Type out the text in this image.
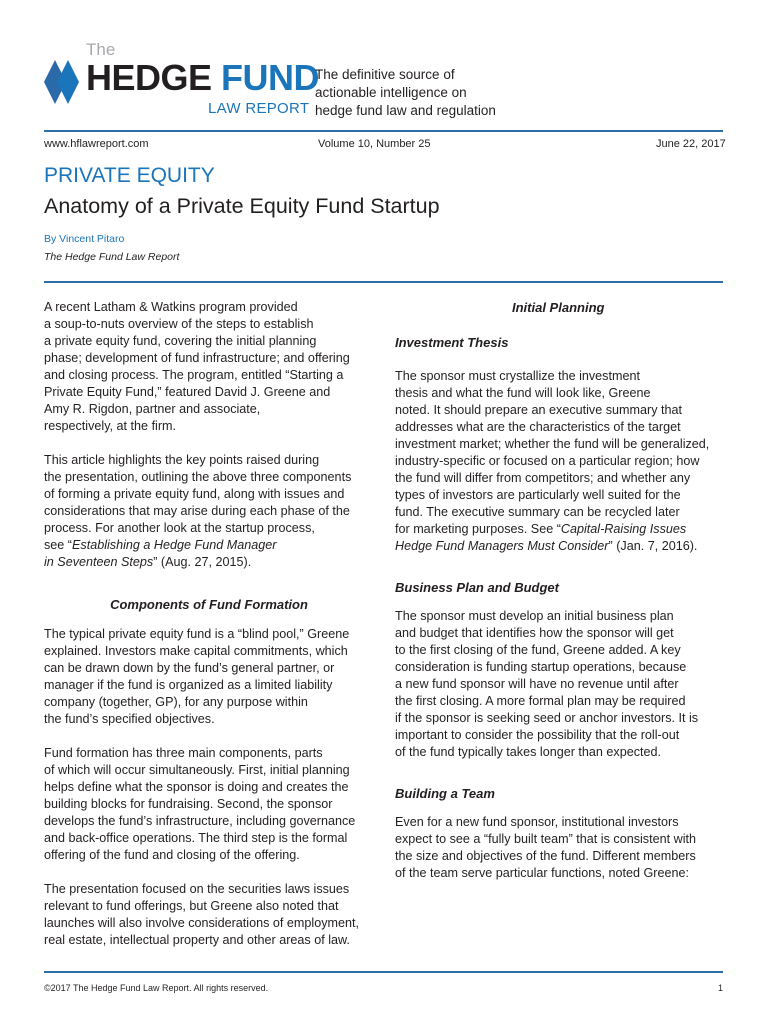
The
HEDGE FUND
LAW REPORT
The definitive source of
actionable intelligence on
hedge fund law and regulation
www.hflawreport.com	Volume 10, Number 25	June 22, 2017
PRIVATE EQUITY
Anatomy of a Private Equity Fund Startup
By Vincent Pitaro
The Hedge Fund Law Report

A recent Latham & Watkins program provided
a soup-to-nuts overview of the steps to establish
a private equity fund, covering the initial planning
phase; development of fund infrastructure; and offering
and closing process. The program, entitled “Starting a
Private Equity Fund,” featured David J. Greene and
Amy R. Rigdon, partner and associate,
respectively, at the firm.

This article highlights the key points raised during
the presentation, outlining the above three components
of forming a private equity fund, along with issues and
considerations that may arise during each phase of the
process. For another look at the startup process,
see “Establishing a Hedge Fund Manager
in Seventeen Steps” (Aug. 27, 2015).

Components of Fund Formation

The typical private equity fund is a “blind pool,” Greene
explained. Investors make capital commitments, which
can be drawn down by the fund’s general partner, or
manager if the fund is organized as a limited liability
company (together, GP), for any purpose within
the fund’s specified objectives.

Fund formation has three main components, parts
of which will occur simultaneously. First, initial planning
helps define what the sponsor is doing and creates the
building blocks for fundraising. Second, the sponsor
develops the fund’s infrastructure, including governance
and back-office operations. The third step is the formal
offering of the fund and closing of the offering.

The presentation focused on the securities laws issues
relevant to fund offerings, but Greene also noted that
launches will also involve considerations of employment,
real estate, intellectual property and other areas of law.

Initial Planning
Investment Thesis

The sponsor must crystallize the investment
thesis and what the fund will look like, Greene
noted. It should prepare an executive summary that
addresses what are the characteristics of the target
investment market; whether the fund will be generalized,
industry-specific or focused on a particular region; how
the fund will differ from competitors; and whether any
types of investors are particularly well suited for the
fund. The executive summary can be recycled later
for marketing purposes. See “Capital-Raising Issues
Hedge Fund Managers Must Consider” (Jan. 7, 2016).

Business Plan and Budget

The sponsor must develop an initial business plan
and budget that identifies how the sponsor will get
to the first closing of the fund, Greene added. A key
consideration is funding startup operations, because
a new fund sponsor will have no revenue until after
the first closing. A more formal plan may be required
if the sponsor is seeking seed or anchor investors. It is
important to consider the possibility that the roll-out
of the fund typically takes longer than expected.

Building a Team

Even for a new fund sponsor, institutional investors
expect to see a “fully built team” that is consistent with
the size and objectives of the fund. Different members
of the team serve particular functions, noted Greene:

©2017 The Hedge Fund Law Report. All rights reserved.	1
